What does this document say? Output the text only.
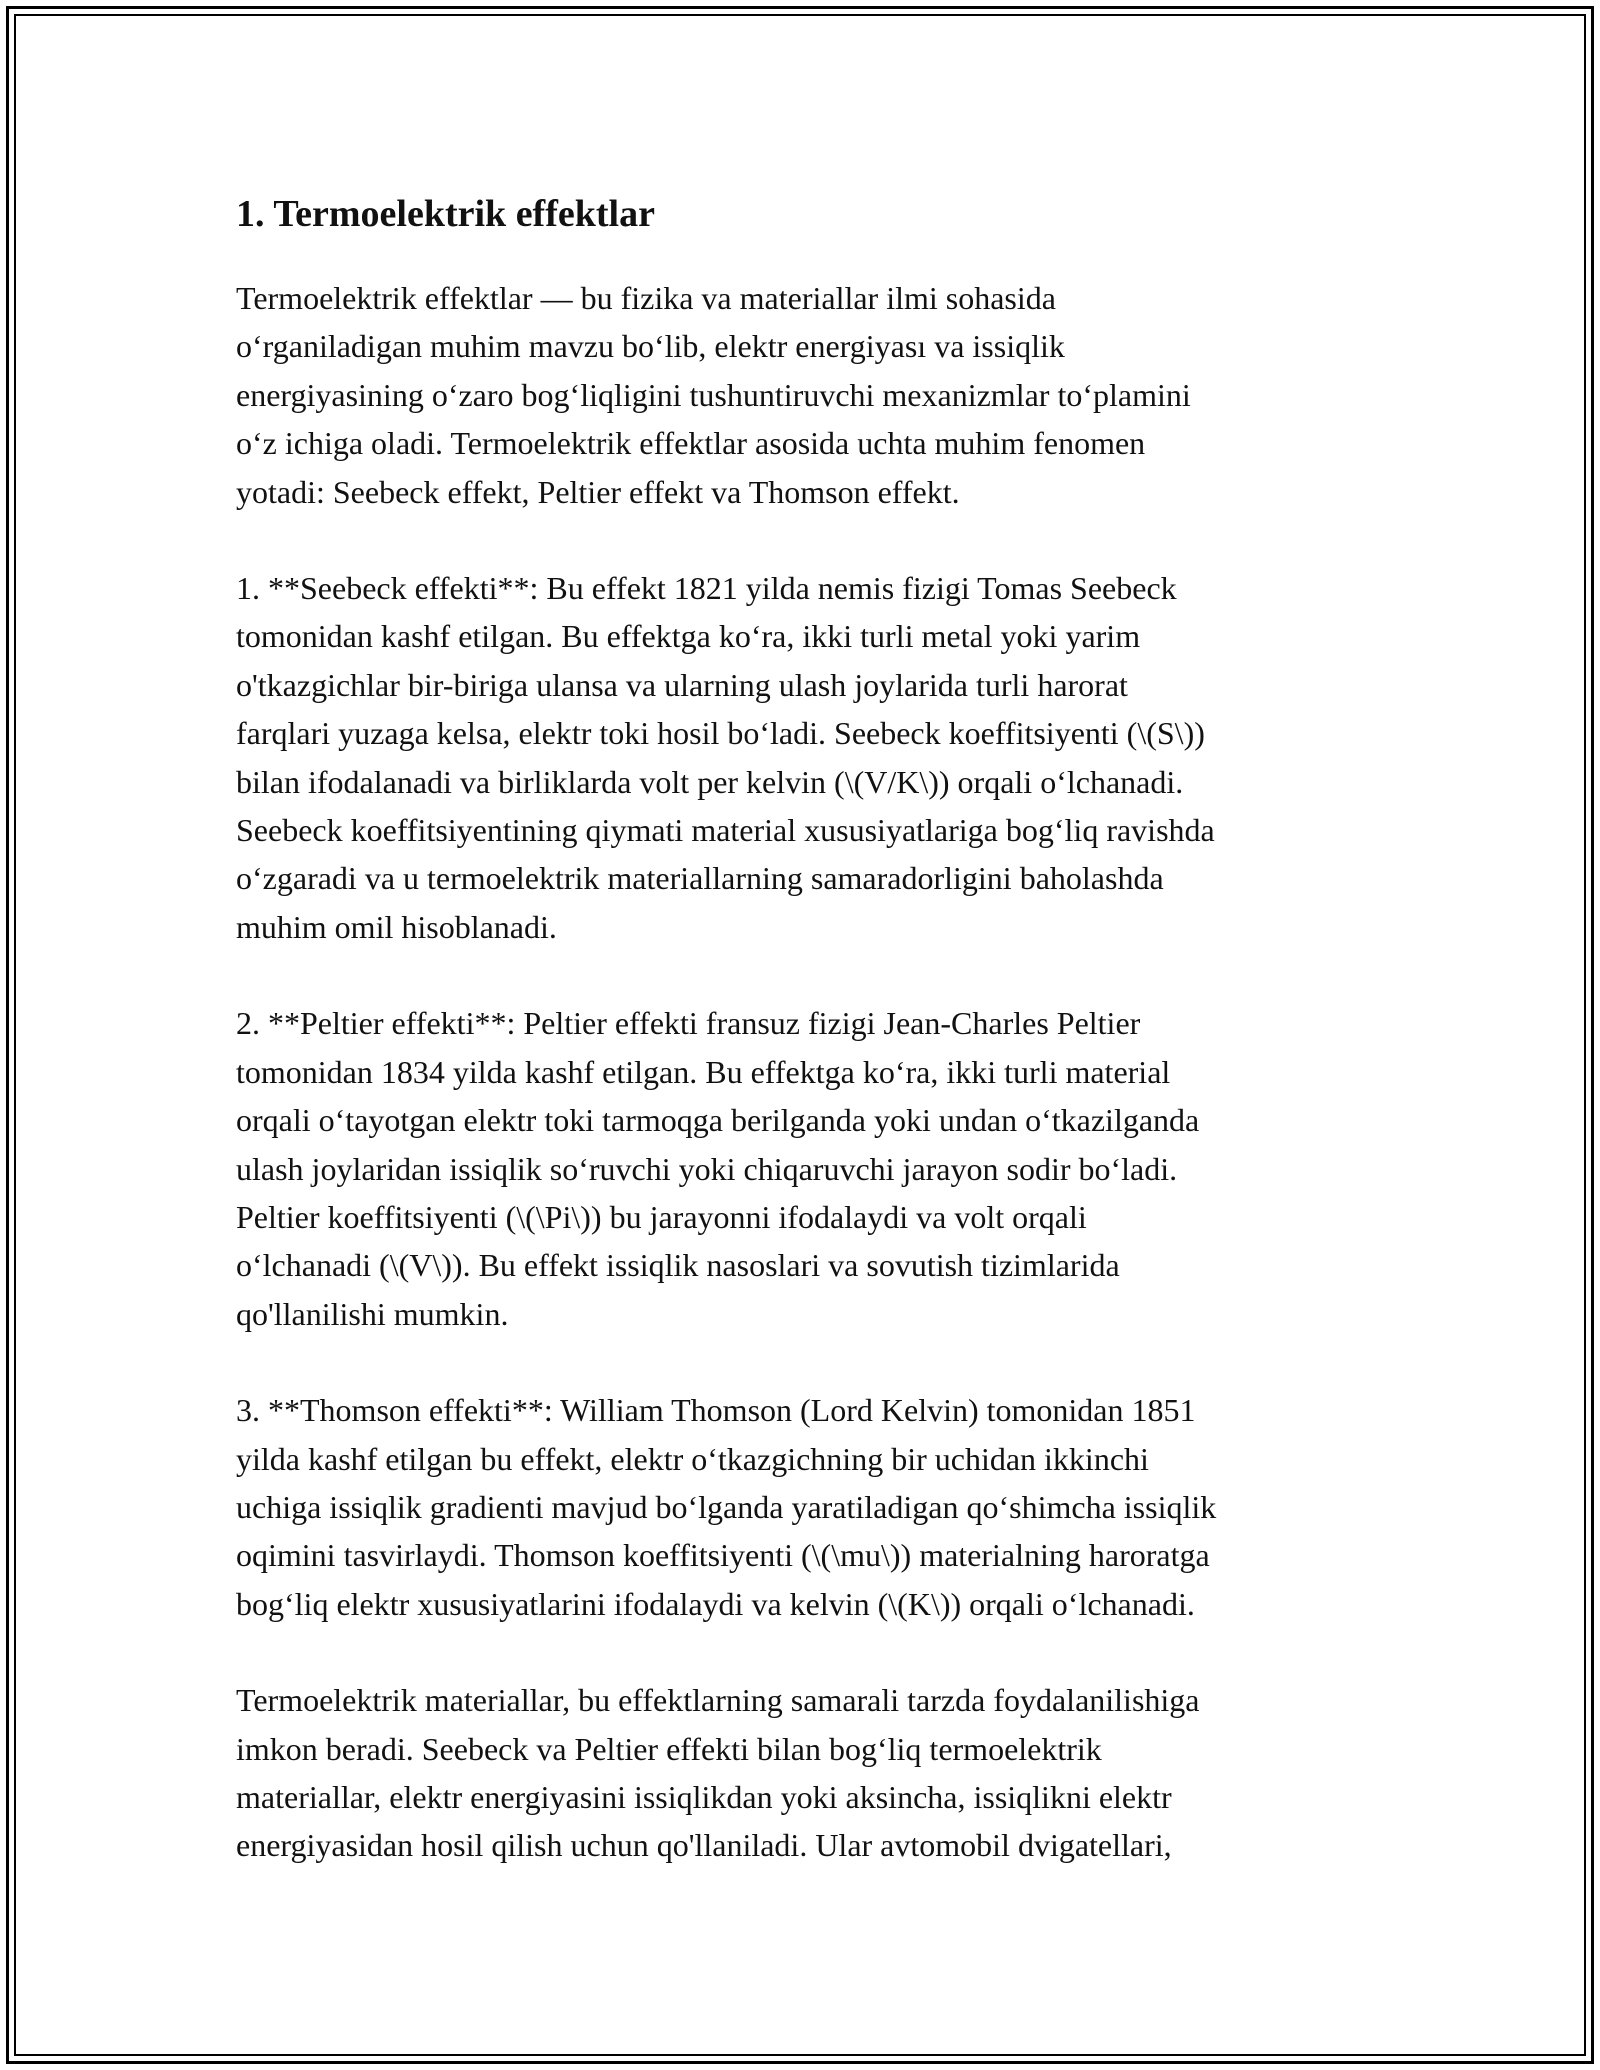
1. Termoelektrik effektlar

Termoelektrik effektlar — bu fizika va materiallar ilmi sohasida
o‘rganiladigan muhim mavzu bo‘lib, elektr energiyası va issiqlik
energiyasining o‘zaro bog‘liqligini tushuntiruvchi mexanizmlar to‘plamini
o‘z ichiga oladi. Termoelektrik effektlar asosida uchta muhim fenomen
yotadi: Seebeck effekt, Peltier effekt va Thomson effekt.

1. **Seebeck effekti**: Bu effekt 1821 yilda nemis fizigi Tomas Seebeck
tomonidan kashf etilgan. Bu effektga ko‘ra, ikki turli metal yoki yarim
o'tkazgichlar bir-biriga ulansa va ularning ulash joylarida turli harorat
farqlari yuzaga kelsa, elektr toki hosil bo‘ladi. Seebeck koeffitsiyenti (\(S\))
bilan ifodalanadi va birliklarda volt per kelvin (\(V/K\)) orqali o‘lchanadi.
Seebeck koeffitsiyentining qiymati material xususiyatlariga bog‘liq ravishda
o‘zgaradi va u termoelektrik materiallarning samaradorligini baholashda
muhim omil hisoblanadi.

2. **Peltier effekti**: Peltier effekti fransuz fizigi Jean-Charles Peltier
tomonidan 1834 yilda kashf etilgan. Bu effektga ko‘ra, ikki turli material
orqali o‘tayotgan elektr toki tarmoqga berilganda yoki undan o‘tkazilganda
ulash joylaridan issiqlik so‘ruvchi yoki chiqaruvchi jarayon sodir bo‘ladi.
Peltier koeffitsiyenti (\(\Pi\)) bu jarayonni ifodalaydi va volt orqali
o‘lchanadi (\(V\)). Bu effekt issiqlik nasoslari va sovutish tizimlarida
qo'llanilishi mumkin.

3. **Thomson effekti**: William Thomson (Lord Kelvin) tomonidan 1851
yilda kashf etilgan bu effekt, elektr o‘tkazgichning bir uchidan ikkinchi
uchiga issiqlik gradienti mavjud bo‘lganda yaratiladigan qo‘shimcha issiqlik
oqimini tasvirlaydi. Thomson koeffitsiyenti (\(\mu\)) materialning haroratga
bog‘liq elektr xususiyatlarini ifodalaydi va kelvin (\(K\)) orqali o‘lchanadi.

Termoelektrik materiallar, bu effektlarning samarali tarzda foydalanilishiga
imkon beradi. Seebeck va Peltier effekti bilan bog‘liq termoelektrik
materiallar, elektr energiyasini issiqlikdan yoki aksincha, issiqlikni elektr
energiyasidan hosil qilish uchun qo'llaniladi. Ular avtomobil dvigatellari,
